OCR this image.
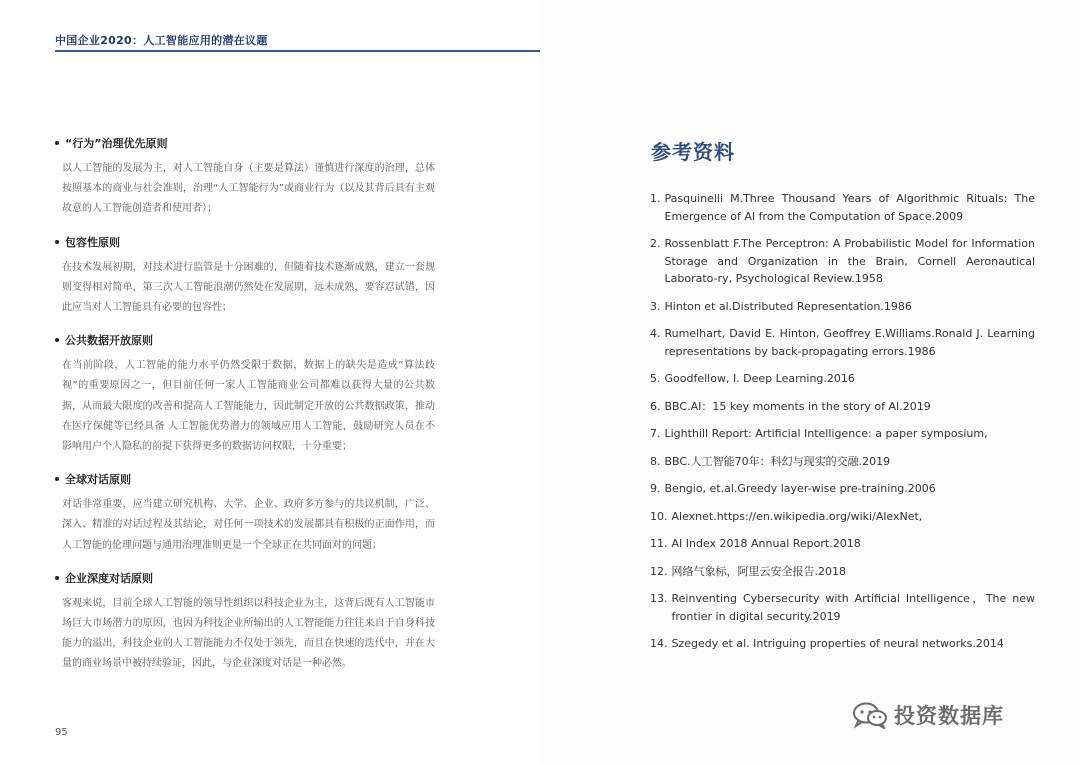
中国企业2020：人工智能应用的潜在议题
“行为”治理优先原则
以人工智能的发展为主，对人工智能自身（主要是算法）谨慎进行深度的治理，总体按照基本的商业与社会准则，治理“人工智能行为”或商业行为（以及其背后具有主观故意的人工智能创造者和使用者）；
包容性原则
在技术发展初期，对技术进行监管是十分困难的，但随着技术逐渐成熟，建立一套规则变得相对简单，第三次人工智能浪潮仍然处在发展期，远未成熟，要容忍试错，因此应当对人工智能具有必要的包容性；
公共数据开放原则
在当前阶段，人工智能的能力水平仍然受限于数据，数据上的缺失是造成“算法歧视”的重要原因之一，但目前任何一家人工智能商业公司都难以获得大量的公共数据，从而最大限度的改善和提高人工智能能力，因此制定开放的公共数据政策，推动在医疗保健等已经具备 人工智能优势潜力的领域应用人工智能，鼓励研究人员在不影响用户个人隐私的前提下获得更多的数据访问权限，十分重要；
全球对话原则
对话非常重要，应当建立研究机构、大学、企业、政府多方参与的共议机制，广泛、深入、精准的对话过程及其结论，对任何一项技术的发展都具有积极的正面作用，而人工智能的伦理问题与通用治理准则更是一个全球正在共同面对的问题；
企业深度对话原则
客观来说，目前全球人工智能的领导性组织以科技企业为主，这背后既有人工智能市场巨大市场潜力的原因，也因为科技企业所输出的人工智能能力往往来自于自身科技能力的溢出，科技企业的人工智能能力不仅处于领先，而且在快速的迭代中，并在大量的商业场景中被持续验证，因此，与企业深度对话是一种必然。
95
参考资料
1. Pasquinelli M.Three Thousand Years of Algorithmic Rituals: The Emergence of AI from the Computation of Space.2009
2. Rossenblatt F.The Perceptron: A Probabilistic Model for Information Storage and Organization in the Brain, Cornell Aeronautical Laborato-ry, Psychological Review.1958
3. Hinton et al.Distributed Representation.1986
4. Rumelhart, David E. Hinton, Geoffrey E.Williams.Ronald J. Learning representations by back-propagating errors.1986
5. Goodfellow, I. Deep Learning.2016
6. BBC.AI：15 key moments in the story of AI.2019
7. Lighthill Report: Artificial Intelligence: a paper symposium,
8. BBC.人工智能70年：科幻与现实的交融.2019
9. Bengio, et.al.Greedy layer-wise pre-training.2006
10. Alexnet.https://en.wikipedia.org/wiki/AlexNet,
11. AI Index 2018 Annual Report.2018
12. 网络气象标，阿里云安全报告.2018
13. Reinventing Cybersecurity with Artificial Intelligence，The new frontier in digital security.2019
14. Szegedy et al. Intriguing properties of neural networks.2014
投资数据库
